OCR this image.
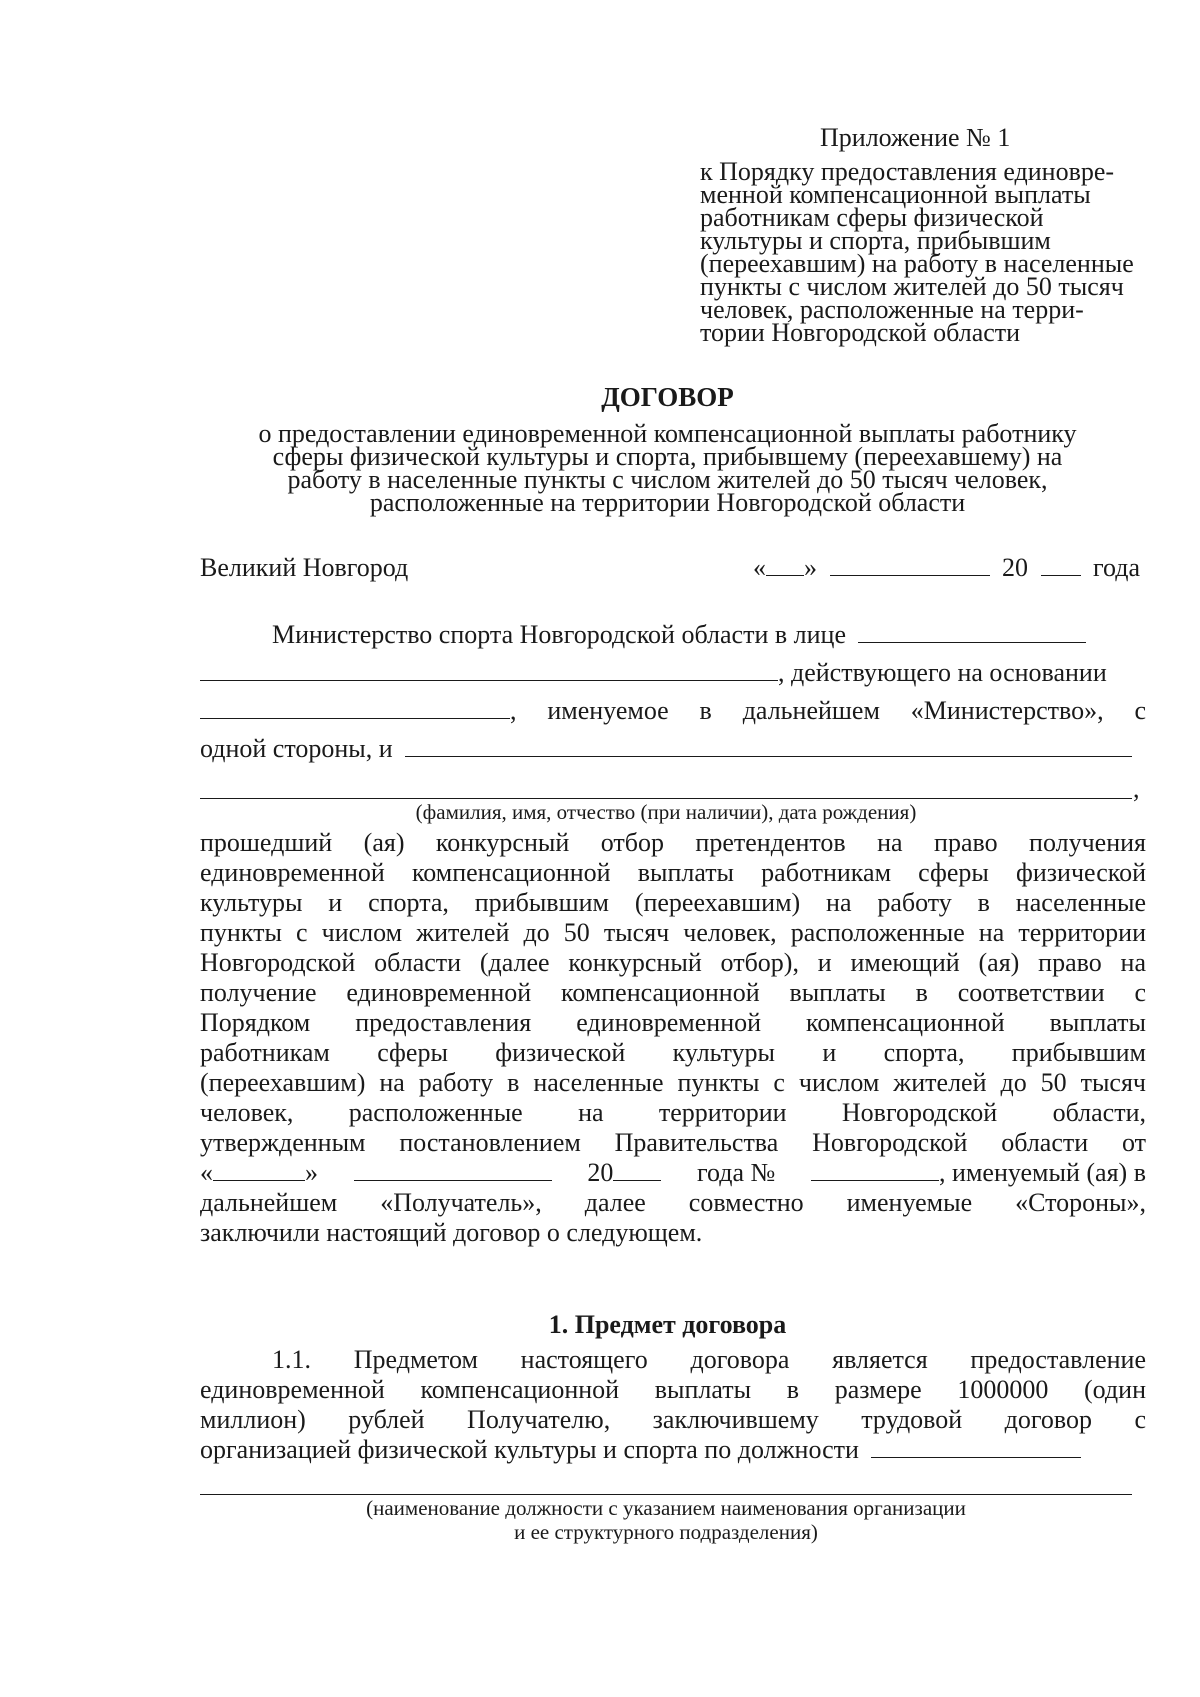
Приложение № 1
к Порядку предоставления единовре-
менной компенсационной выплаты
работникам сферы физической
культуры и спорта, прибывшим
(переехавшим) на работу в населенные
пункты с числом жителей до 50 тысяч
человек, расположенные на терри-
тории Новгородской области
ДОГОВОР
о предоставлении единовременной компенсационной выплаты работнику
сферы физической культуры и спорта, прибывшему (переехавшему) на
работу в населенные пункты с числом жителей до 50 тысяч человек,
расположенные на территории Новгородской области
Великий Новгород	« »	20	года
Министерство спорта Новгородской области в лице
, действующего на основании
, именуемое в дальнейшем «Министерство», с
одной стороны, и
,
(фамилия, имя, отчество (при наличии), дата рождения)
прошедший (ая) конкурсный отбор претендентов на право получения
единовременной компенсационной выплаты работникам сферы физической
культуры и спорта, прибывшим (переехавшим) на работу в населенные
пункты с числом жителей до 50 тысяч человек, расположенные на территории
Новгородской области (далее конкурсный отбор), и имеющий (ая) право на
получение единовременной компенсационной выплаты в соответствии с
Порядком предоставления единовременной компенсационной выплаты
работникам сферы физической культуры и спорта, прибывшим
(переехавшим) на работу в населенные пункты с числом жителей до 50 тысяч
человек, расположенные на территории Новгородской области,
утвержденным постановлением Правительства Новгородской области от
«	»	20	года №	, именуемый (ая) в
дальнейшем «Получатель», далее совместно именуемые «Стороны»,
заключили настоящий договор о следующем.
1. Предмет договора
1.1. Предметом настоящего договора является предоставление
единовременной компенсационной выплаты в размере 1000000 (один
миллион) рублей Получателю, заключившему трудовой договор с
организацией физической культуры и спорта по должности
(наименование должности с указанием наименования организации
и ее структурного подразделения)
